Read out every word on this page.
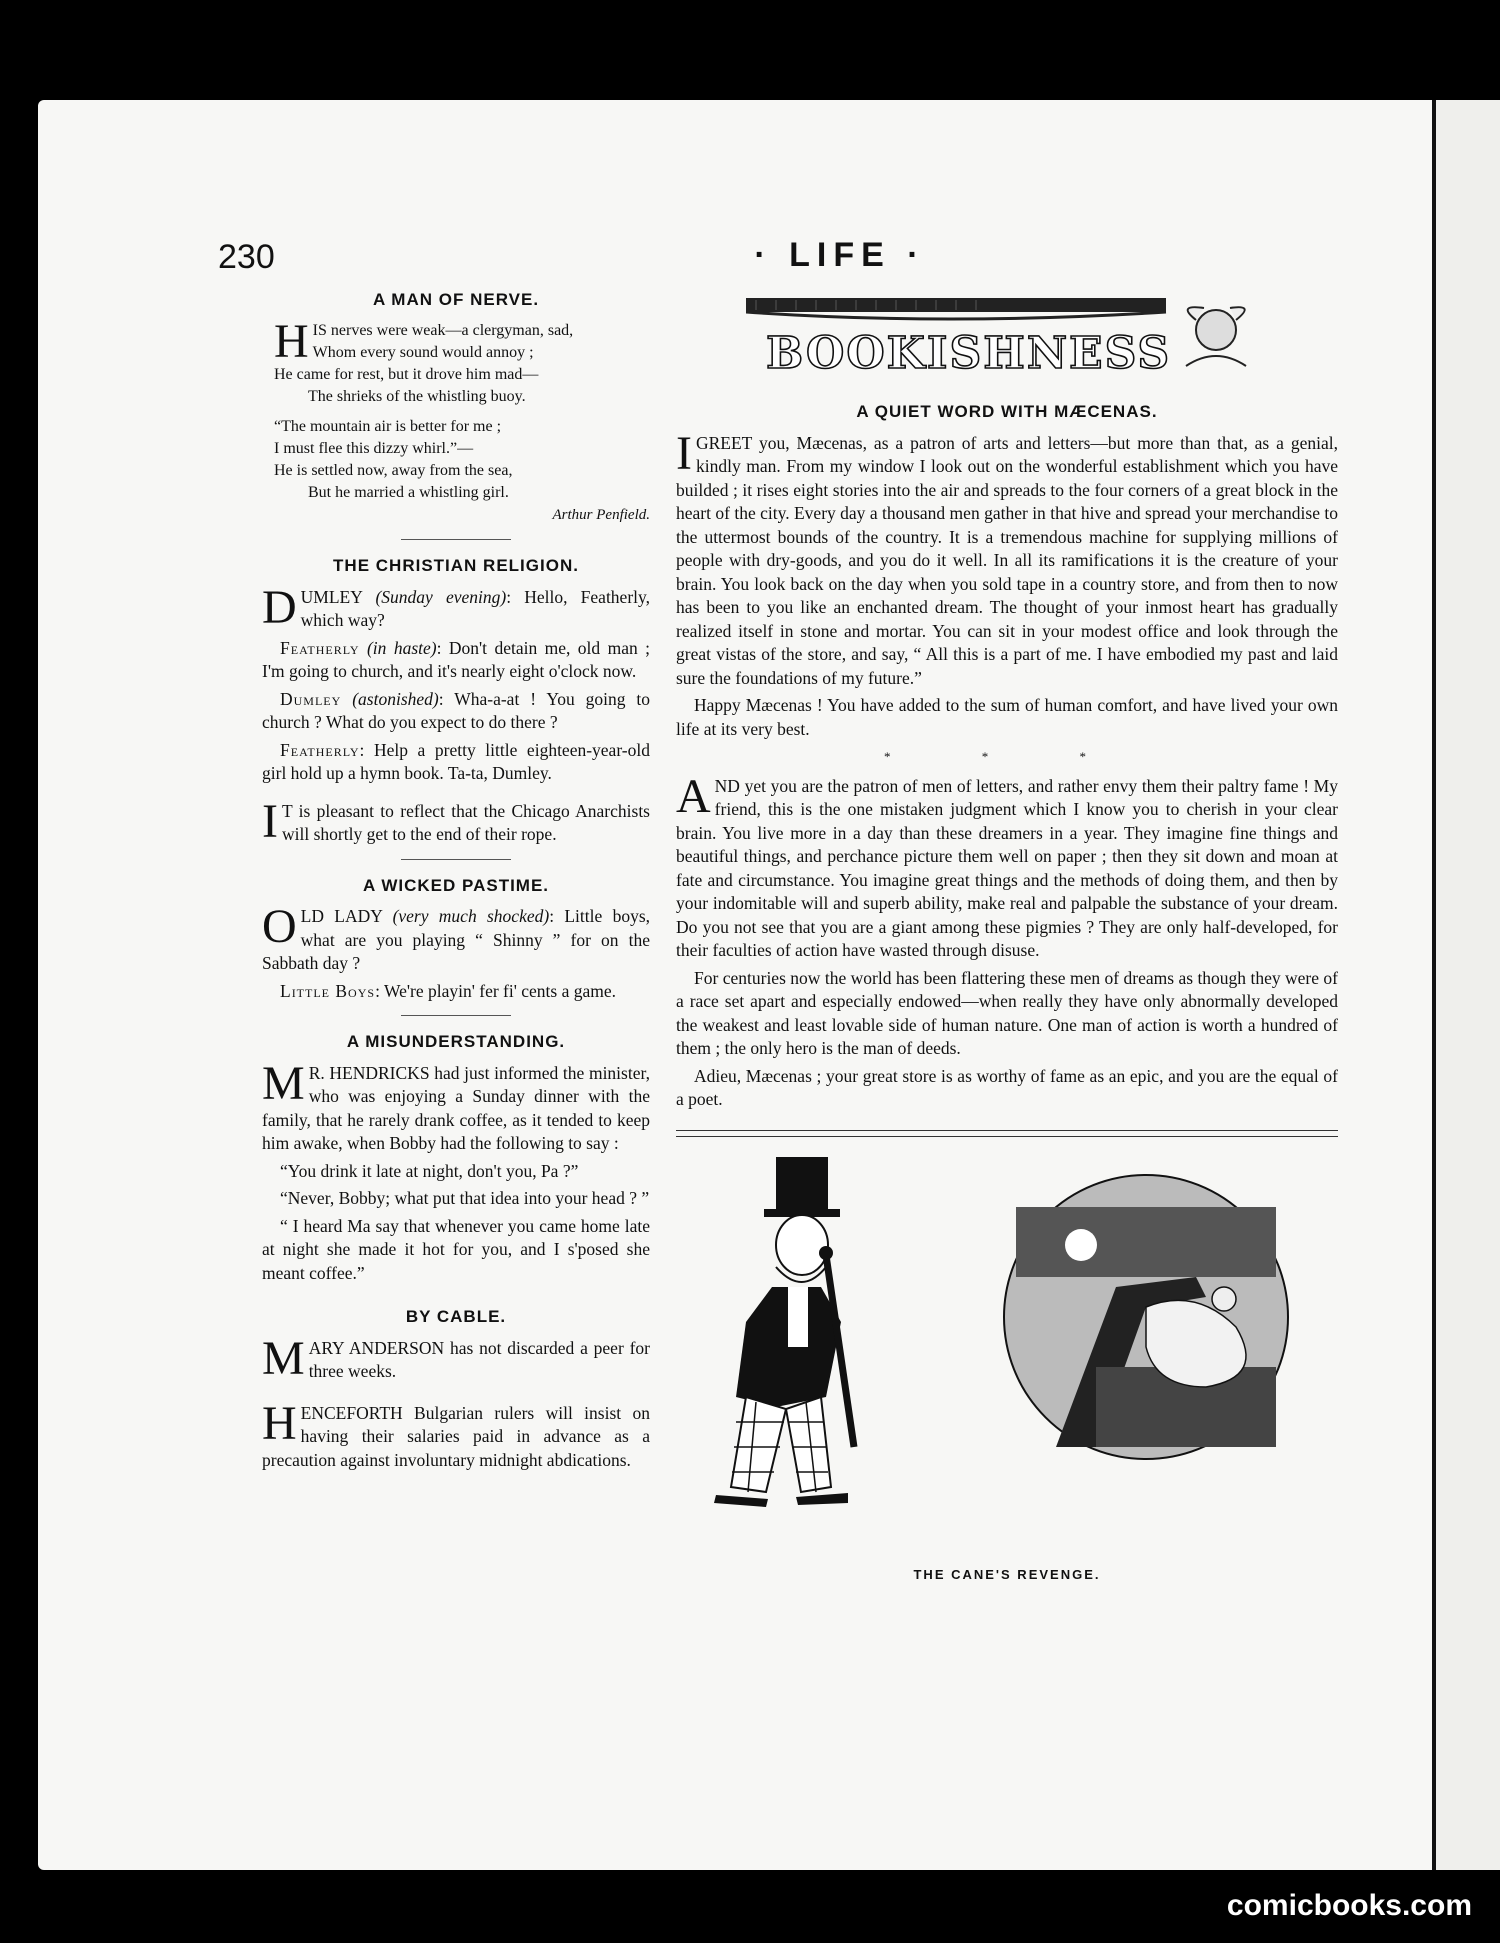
230	· LIFE ·
A MAN OF NERVE.
HIS nerves were weak—a clergyman, sad,
Whom every sound would annoy ;
He came for rest, but it drove him mad—
The shrieks of the whistling buoy.
“The mountain air is better for me ;
I must flee this dizzy whirl.”—
He is settled now, away from the sea,
But he married a whistling girl.
Arthur Penfield.
THE CHRISTIAN RELIGION.

DUMLEY (Sunday evening): Hello, Featherly, which way?

Featherly (in haste): Don't detain me, old man ; I'm going to church, and it's nearly eight o'clock now.

Dumley (astonished): Wha-a-at ! You going to church ? What do you expect to do there ?

Featherly: Help a pretty little eighteen-year-old girl hold up a hymn book. Ta-ta, Dumley.

IT is pleasant to reflect that the Chicago Anarchists will shortly get to the end of their rope.

A WICKED PASTIME.

OLD LADY (very much shocked): Little boys, what are you playing “ Shinny ” for on the Sabbath day ?

Little Boys: We're playin' fer fi' cents a game.

A MISUNDERSTANDING.

MR. HENDRICKS had just informed the minister, who was enjoying a Sunday dinner with the family, that he rarely drank coffee, as it tended to keep him awake, when Bobby had the following to say :

“You drink it late at night, don't you, Pa ?”

“Never, Bobby; what put that idea into your head ? ”

“ I heard Ma say that whenever you came home late at night she made it hot for you, and I s'posed she meant coffee.”

BY CABLE.

MARY ANDERSON has not discarded a peer for three weeks.

HENCEFORTH Bulgarian rulers will insist on having their salaries paid in advance as a precaution against involuntary midnight abdications.

BOOKISHNESS
A QUIET WORD WITH MÆCENAS.

IGREET you, Mæcenas, as a patron of arts and letters—but more than that, as a genial, kindly man. From my window I look out on the wonderful establishment which you have builded ; it rises eight stories into the air and spreads to the four corners of a great block in the heart of the city. Every day a thousand men gather in that hive and spread your merchandise to the uttermost bounds of the country. It is a tremendous machine for supplying millions of people with dry-goods, and you do it well. In all its ramifications it is the creature of your brain. You look back on the day when you sold tape in a country store, and from then to now has been to you like an enchanted dream. The thought of your inmost heart has gradually realized itself in stone and mortar. You can sit in your modest office and look through the great vistas of the store, and say, “ All this is a part of me. I have embodied my past and laid sure the foundations of my future.”

Happy Mæcenas ! You have added to the sum of human comfort, and have lived your own life at its very best.

* * *

AND yet you are the patron of men of letters, and rather envy them their paltry fame ! My friend, this is the one mistaken judgment which I know you to cherish in your clear brain. You live more in a day than these dreamers in a year. They imagine fine things and beautiful things, and perchance picture them well on paper ; then they sit down and moan at fate and circumstance. You imagine great things and the methods of doing them, and then by your indomitable will and superb ability, make real and palpable the substance of your dream. Do you not see that you are a giant among these pigmies ? They are only half-developed, for their faculties of action have wasted through disuse.

For centuries now the world has been flattering these men of dreams as though they were of a race set apart and especially endowed—when really they have only abnormally developed the weakest and least lovable side of human nature. One man of action is worth a hundred of them ; the only hero is the man of deeds.

Adieu, Mæcenas ; your great store is as worthy of fame as an epic, and you are the equal of a poet.

THE CANE'S REVENGE.
comicbooks.com
